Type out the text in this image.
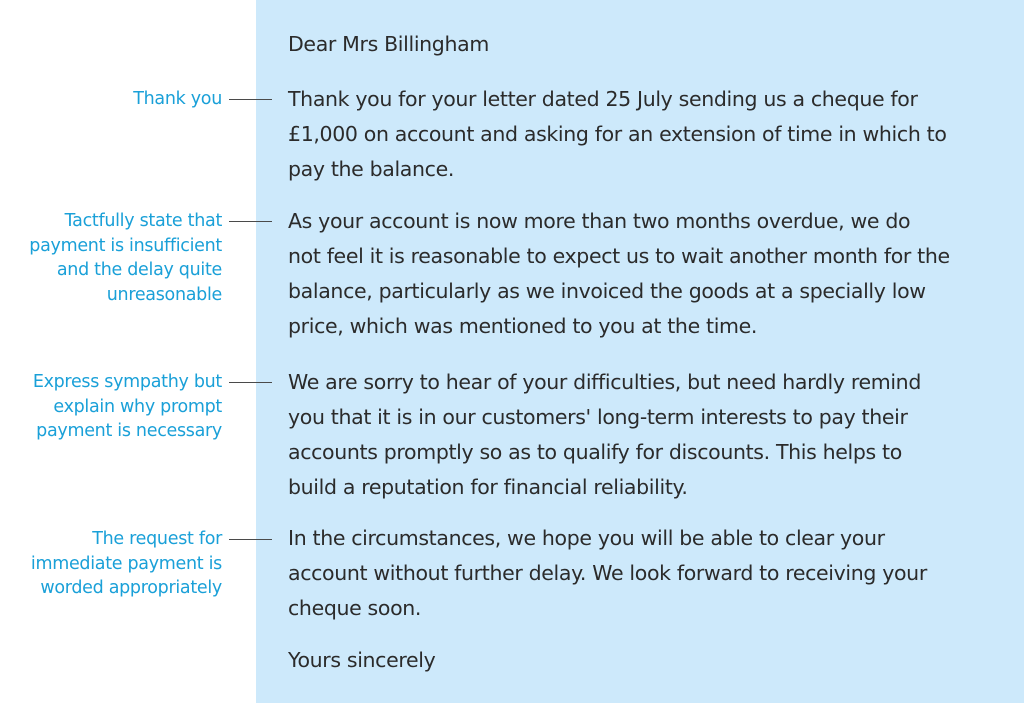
Dear Mrs Billingham

Thank you for your letter dated 25 July sending us a cheque for
£1,000 on account and asking for an extension of time in which to
pay the balance.

As your account is now more than two months overdue, we do
not feel it is reasonable to expect us to wait another month for the
balance, particularly as we invoiced the goods at a specially low
price, which was mentioned to you at the time.

We are sorry to hear of your difficulties, but need hardly remind
you that it is in our customers' long-term interests to pay their
accounts promptly so as to qualify for discounts. This helps to
build a reputation for financial reliability.

In the circumstances, we hope you will be able to clear your
account without further delay. We look forward to receiving your
cheque soon.

Yours sincerely

Thank you

Tactfully state that
payment is insufficient
and the delay quite
unreasonable

Express sympathy but
explain why prompt
payment is necessary

The request for
immediate payment is
worded appropriately
